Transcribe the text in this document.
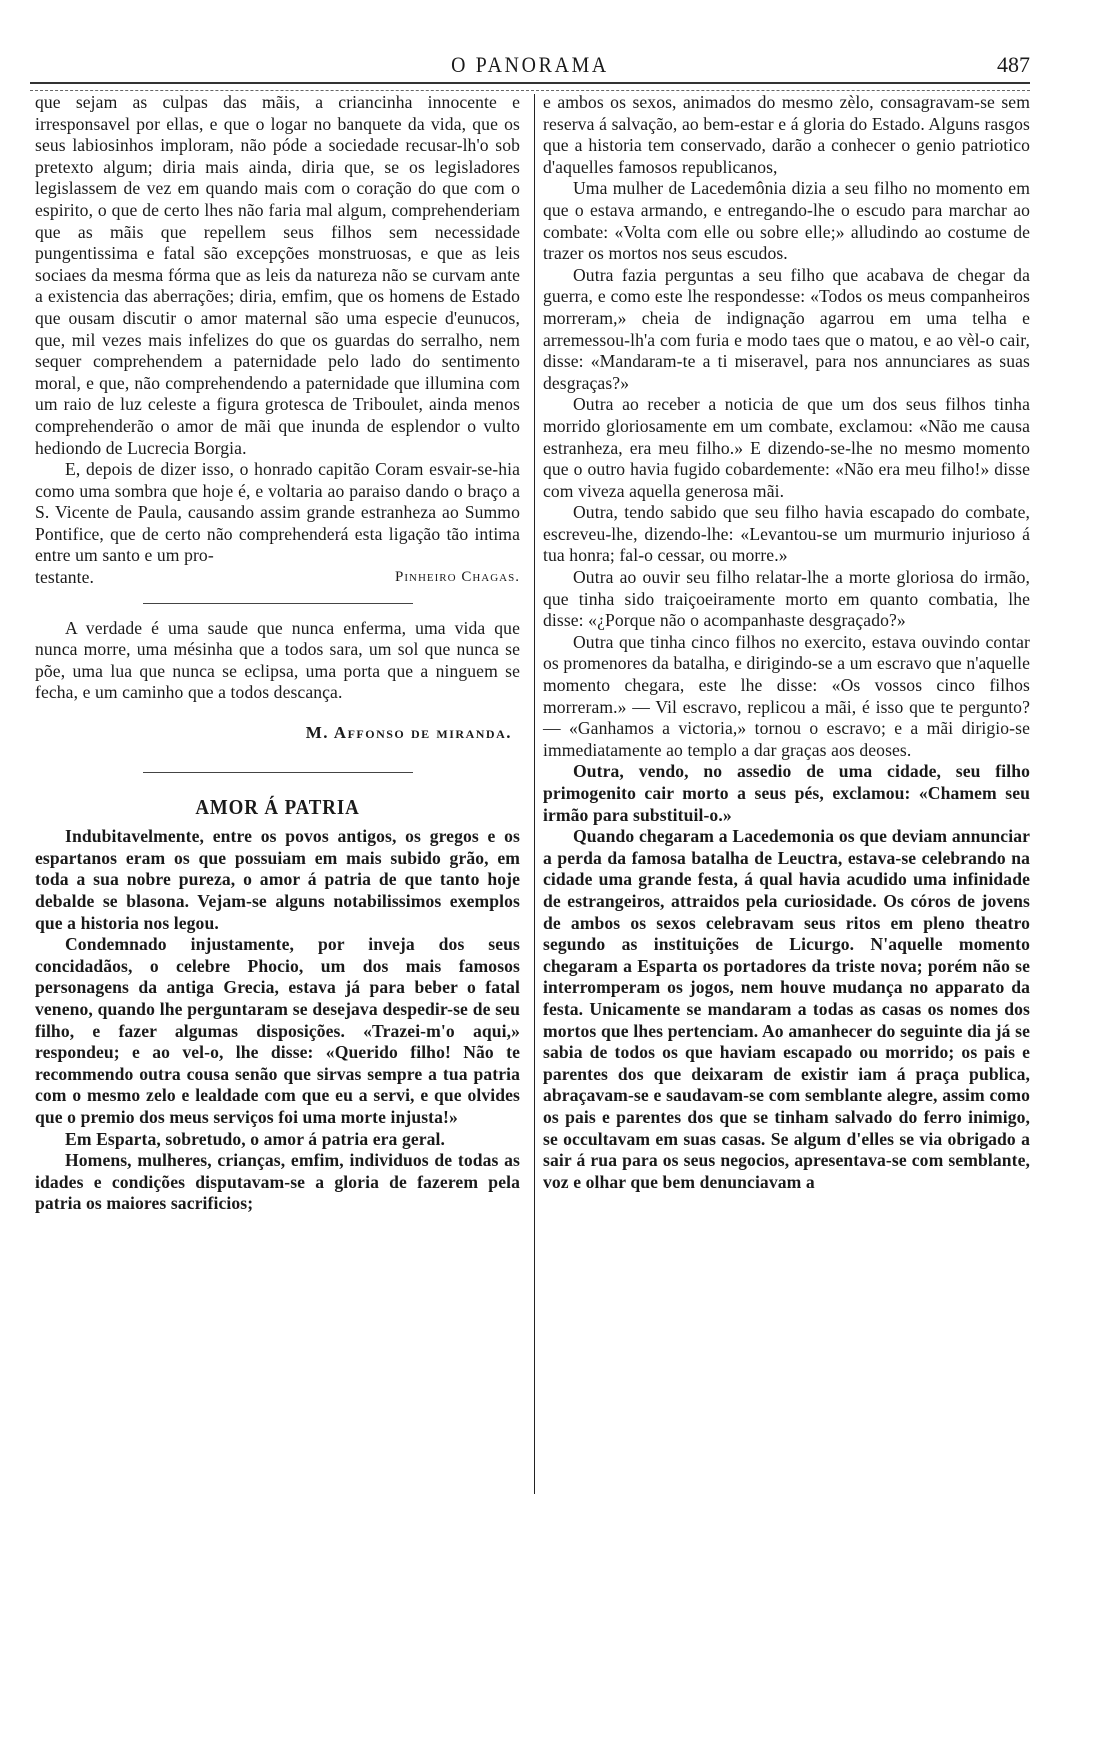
O PANORAMA	487

que sejam as culpas das mãis, a criancinha innocente e irresponsavel por ellas, e que o logar no banquete da vida, que os seus labiosinhos imploram, não póde a sociedade recusar-lh'o sob pretexto algum; diria mais ainda, diria que, se os legisladores legislassem de vez em quando mais com o coração do que com o espirito, o que de certo lhes não faria mal algum, comprehenderiam que as mãis que repellem seus filhos sem necessidade pungentissima e fatal são excepções monstruosas, e que as leis sociaes da mesma fórma que as leis da natureza não se curvam ante a existencia das aberrações; diria, emfim, que os homens de Estado que ousam discutir o amor maternal são uma especie d'eunucos, que, mil vezes mais infelizes do que os guardas do serralho, nem sequer comprehendem a paternidade pelo lado do sentimento moral, e que, não comprehendendo a paternidade que illumina com um raio de luz celeste a figura grotesca de Triboulet, ainda menos comprehenderão o amor de mãi que inunda de esplendor o vulto hediondo de Lucrecia Borgia.

E, depois de dizer isso, o honrado capitão Coram esvair-se-hia como uma sombra que hoje é, e voltaria ao paraiso dando o braço a S. Vicente de Paula, causando assim grande estranheza ao Summo Pontifice, que de certo não comprehenderá esta ligação tão intima entre um santo e um pro-

testante.	Pinheiro Chagas.

A verdade é uma saude que nunca enferma, uma vida que nunca morre, uma mésinha que a todos sara, um sol que nunca se põe, uma lua que nunca se eclipsa, uma porta que a ninguem se fecha, e um caminho que a todos descança.

M. Affonso de miranda.

AMOR Á PATRIA

Indubitavelmente, entre os povos antigos, os gregos e os espartanos eram os que possuiam em mais subido grão, em toda a sua nobre pureza, o amor á patria de que tanto hoje debalde se blasona. Vejam-se alguns notabilissimos exemplos que a historia nos legou.

Condemnado injustamente, por inveja dos seus concidadãos, o celebre Phocio, um dos mais famosos personagens da antiga Grecia, estava já para beber o fatal veneno, quando lhe perguntaram se desejava despedir-se de seu filho, e fazer algumas disposições. «Trazei-m'o aqui,» respondeu; e ao vel-o, lhe disse: «Querido filho! Não te recommendo outra cousa senão que sirvas sempre a tua patria com o mesmo zelo e lealdade com que eu a servi, e que olvides que o premio dos meus serviços foi uma morte injusta!»

Em Esparta, sobretudo, o amor á patria era geral.

Homens, mulheres, crianças, emfim, individuos de todas as idades e condições disputavam-se a gloria de fazerem pela patria os maiores sacrificios;

e ambos os sexos, animados do mesmo zèlo, consagravam-se sem reserva á salvação, ao bem-estar e á gloria do Estado. Alguns rasgos que a historia tem conservado, darão a conhecer o genio patriotico d'aquelles famosos republicanos,

Uma mulher de Lacedemônia dizia a seu filho no momento em que o estava armando, e entregando-lhe o escudo para marchar ao combate: «Volta com elle ou sobre elle;» alludindo ao costume de trazer os mortos nos seus escudos.

Outra fazia perguntas a seu filho que acabava de chegar da guerra, e como este lhe respondesse: «Todos os meus companheiros morreram,» cheia de indignação agarrou em uma telha e arremessou-lh'a com furia e modo taes que o matou, e ao vèl-o cair, disse: «Mandaram-te a ti miseravel, para nos annunciares as suas desgraças?»

Outra ao receber a noticia de que um dos seus filhos tinha morrido gloriosamente em um combate, exclamou: «Não me causa estranheza, era meu filho.» E dizendo-se-lhe no mesmo momento que o outro havia fugido cobardemente: «Não era meu filho!» disse com viveza aquella generosa mãi.

Outra, tendo sabido que seu filho havia escapado do combate, escreveu-lhe, dizendo-lhe: «Levantou-se um murmurio injurioso á tua honra; fal-o cessar, ou morre.»

Outra ao ouvir seu filho relatar-lhe a morte gloriosa do irmão, que tinha sido traiçoeiramente morto em quanto combatia, lhe disse: «¿Porque não o acompanhaste desgraçado?»

Outra que tinha cinco filhos no exercito, estava ouvindo contar os promenores da batalha, e dirigindo-se a um escravo que n'aquelle momento chegara, este lhe disse: «Os vossos cinco filhos morreram.» — Vil escravo, replicou a mãi, é isso que te pergunto? — «Ganhamos a victoria,» tornou o escravo; e a mãi dirigio-se immediatamente ao templo a dar graças aos deoses.

Outra, vendo, no assedio de uma cidade, seu filho primogenito cair morto a seus pés, exclamou: «Chamem seu irmão para substituil-o.»

Quando chegaram a Lacedemonia os que deviam annunciar a perda da famosa batalha de Leuctra, estava-se celebrando na cidade uma grande festa, á qual havia acudido uma infinidade de estrangeiros, attraidos pela curiosidade. Os córos de jovens de ambos os sexos celebravam seus ritos em pleno theatro segundo as instituições de Licurgo. N'aquelle momento chegaram a Esparta os portadores da triste nova; porém não se interromperam os jogos, nem houve mudança no apparato da festa. Unicamente se mandaram a todas as casas os nomes dos mortos que lhes pertenciam. Ao amanhecer do seguinte dia já se sabia de todos os que haviam escapado ou morrido; os pais e parentes dos que deixaram de existir iam á praça publica, abraçavam-se e saudavam-se com semblante alegre, assim como os pais e parentes dos que se tinham salvado do ferro inimigo, se occultavam em suas casas. Se algum d'elles se via obrigado a sair á rua para os seus negocios, apresentava-se com semblante, voz e olhar que bem denunciavam a
